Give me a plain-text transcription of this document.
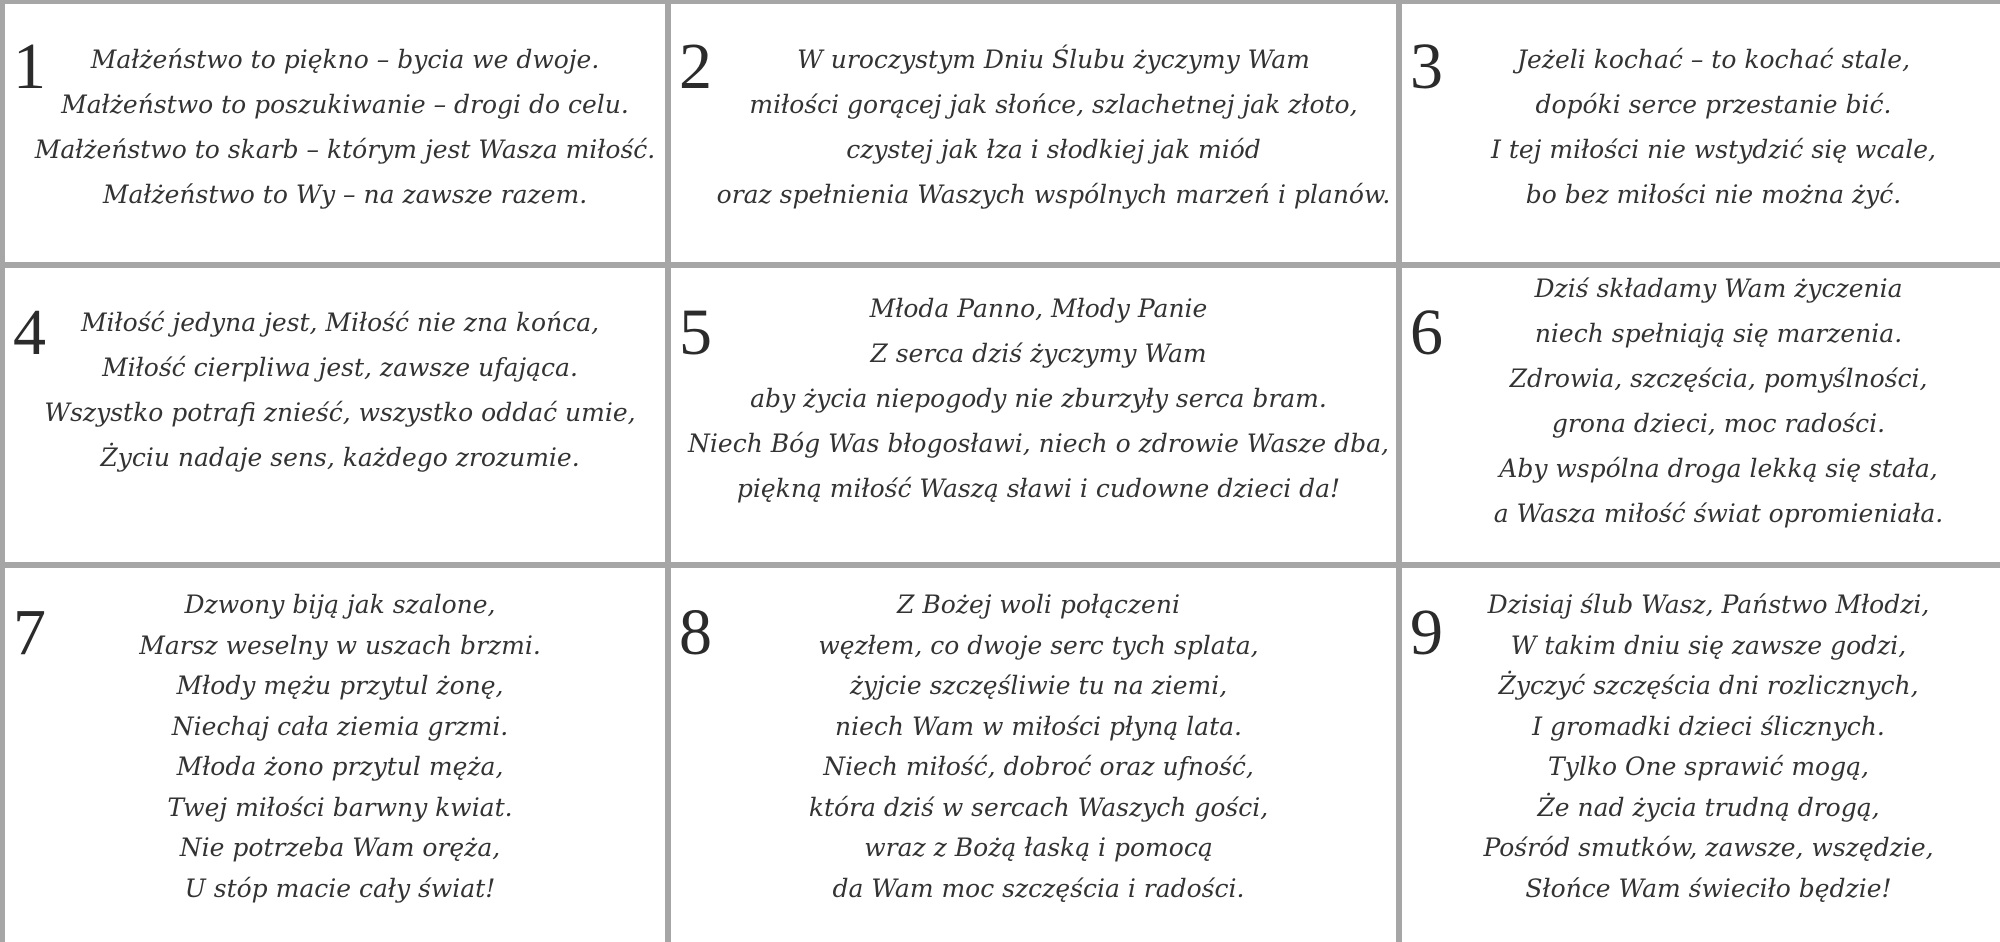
1	Małżeństwo to piękno – bycia we dwoje.
Małżeństwo to poszukiwanie – drogi do celu.
Małżeństwo to skarb – którym jest Wasza miłość.
Małżeństwo to Wy – na zawsze razem.
2	W uroczystym Dniu Ślubu życzymy Wam
miłości gorącej jak słońce, szlachetnej jak złoto,
czystej jak łza i słodkiej jak miód
oraz spełnienia Waszych wspólnych marzeń i planów.
3	Jeżeli kochać – to kochać stale,
dopóki serce przestanie bić.
I tej miłości nie wstydzić się wcale,
bo bez miłości nie można żyć.
4	Miłość jedyna jest, Miłość nie zna końca,
Miłość cierpliwa jest, zawsze ufająca.
Wszystko potrafi znieść, wszystko oddać umie,
Życiu nadaje sens, każdego zrozumie.
5	Młoda Panno, Młody Panie
Z serca dziś życzymy Wam
aby życia niepogody nie zburzyły serca bram.
Niech Bóg Was błogosławi, niech o zdrowie Wasze dba,
piękną miłość Waszą sławi i cudowne dzieci da!
6
Dziś składamy Wam życzenia
niech spełniają się marzenia.
Zdrowia, szczęścia, pomyślności,
grona dzieci, moc radości.
Aby wspólna droga lekką się stała,
a Wasza miłość świat opromieniała.
7	Dzwony biją jak szalone,
Marsz weselny w uszach brzmi.
Młody mężu przytul żonę,
Niechaj cała ziemia grzmi.
Młoda żono przytul męża,
Twej miłości barwny kwiat.
Nie potrzeba Wam oręża,
U stóp macie cały świat!
8	Z Bożej woli połączeni
węzłem, co dwoje serc tych splata,
żyjcie szczęśliwie tu na ziemi,
niech Wam w miłości płyną lata.
Niech miłość, dobroć oraz ufność,
która dziś w sercach Waszych gości,
wraz z Bożą łaską i pomocą
da Wam moc szczęścia i radości.
9	Dzisiaj ślub Wasz, Państwo Młodzi,
W takim dniu się zawsze godzi,
Życzyć szczęścia dni rozlicznych,
I gromadki dzieci ślicznych.
Tylko One sprawić mogą,
Że nad życia trudną drogą,
Pośród smutków, zawsze, wszędzie,
Słońce Wam świeciło będzie!
